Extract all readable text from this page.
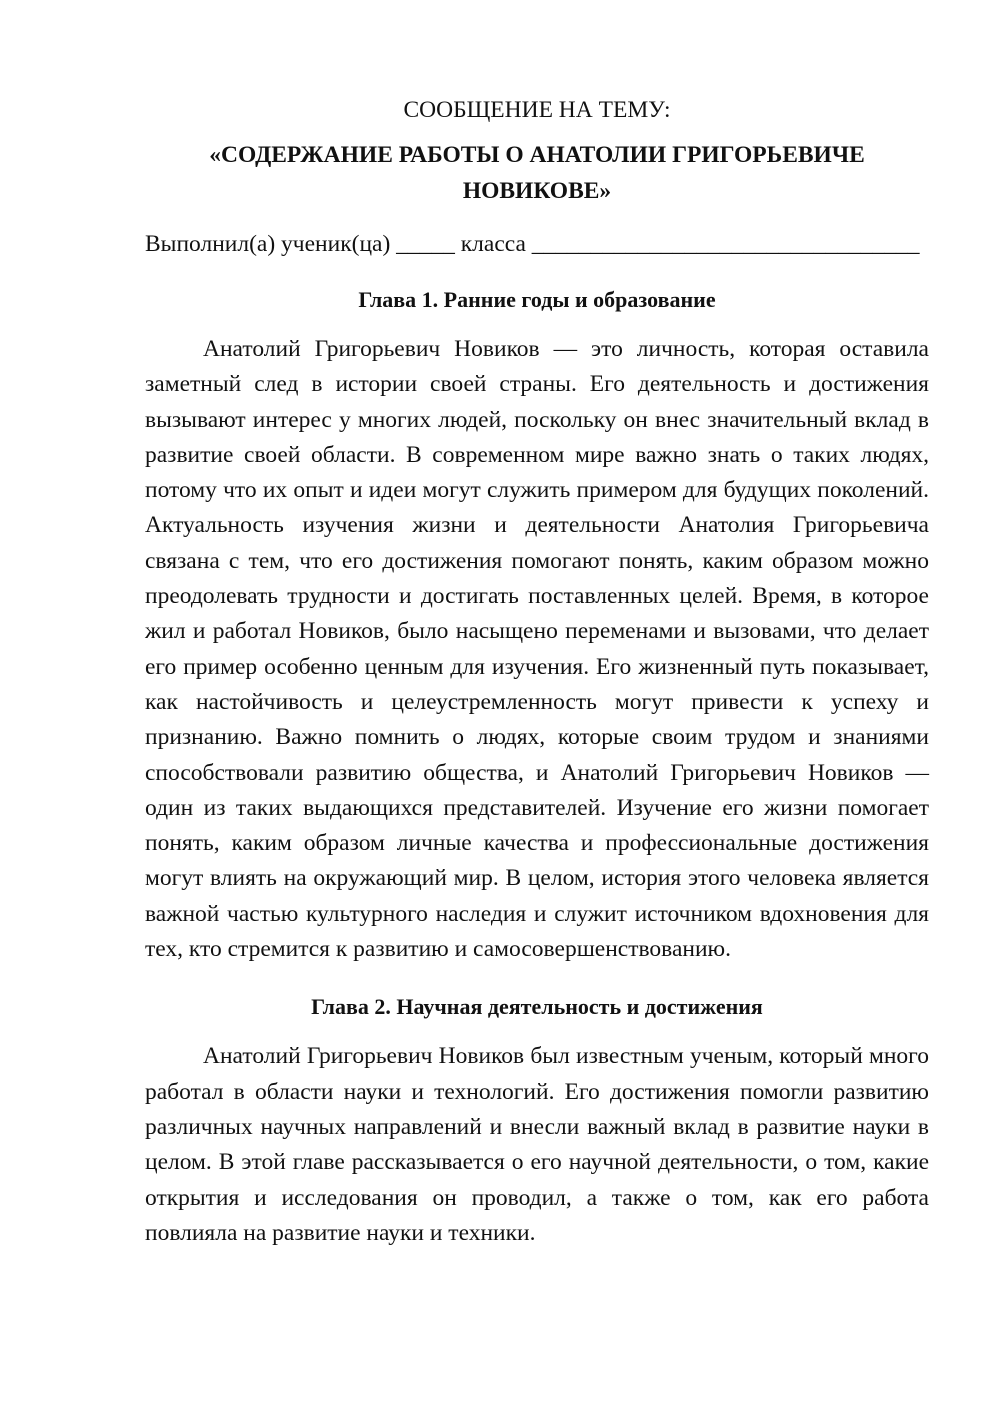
СООБЩЕНИЕ НА ТЕМУ:

«СОДЕРЖАНИЕ РАБОТЫ О АНАТОЛИИ ГРИГОРЬЕВИЧЕ

НОВИКОВЕ»

Выполнил(а) ученик(ца) _____ класса _________________________________

Глава 1. Ранние годы и образование

Анатолий Григорьевич Новиков — это личность, которая оставила заметный след в истории своей страны. Его деятельность и достижения вызывают интерес у многих людей, поскольку он внес значительный вклад в развитие своей области. В современном мире важно знать о таких людях, потому что их опыт и идеи могут служить примером для будущих поколений. Актуальность изучения жизни и деятельности Анатолия Григорьевича связана с тем, что его достижения помогают понять, каким образом можно преодолевать трудности и достигать поставленных целей. Время, в которое жил и работал Новиков, было насыщено переменами и вызовами, что делает его пример особенно ценным для изучения. Его жизненный путь показывает, как настойчивость и целеустремленность могут привести к успеху и признанию. Важно помнить о людях, которые своим трудом и знаниями способствовали развитию общества, и Анатолий Григорьевич Новиков — один из таких выдающихся представителей. Изучение его жизни помогает понять, каким образом личные качества и профессиональные достижения могут влиять на окружающий мир. В целом, история этого человека является важной частью культурного наследия и служит источником вдохновения для тех, кто стремится к развитию и самосовершенствованию.

Глава 2. Научная деятельность и достижения

Анатолий Григорьевич Новиков был известным ученым, который много работал в области науки и технологий. Его достижения помогли развитию различных научных направлений и внесли важный вклад в развитие науки в целом. В этой главе рассказывается о его научной деятельности, о том, какие открытия и исследования он проводил, а также о том, как его работа повлияла на развитие науки и техники.
